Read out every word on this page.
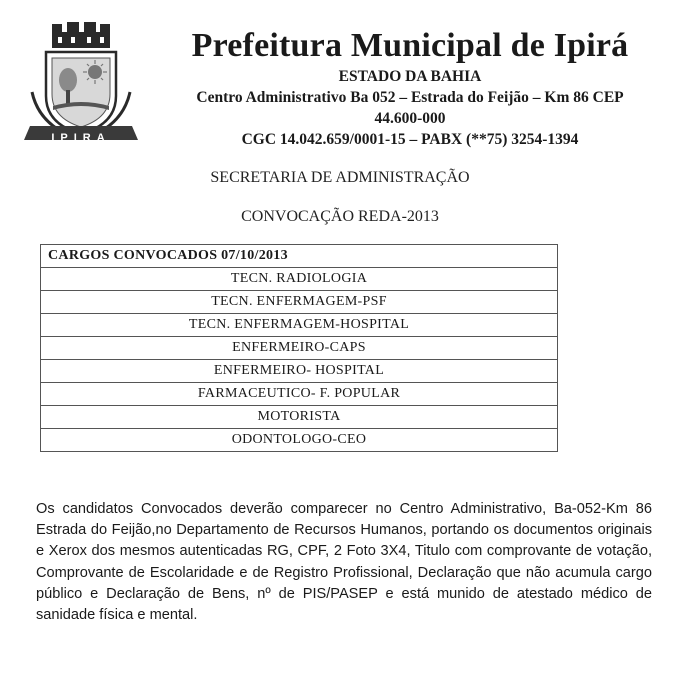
IPIRA

Prefeitura Municipal de Ipirá

ESTADO DA BAHIA

Centro Administrativo Ba 052 – Estrada do Feijão – Km 86 CEP

44.600-000

CGC 14.042.659/0001-15 – PABX (**75) 3254-1394

SECRETARIA DE ADMINISTRAÇÃO
CONVOCAÇÃO REDA-2013
CARGOS CONVOCADOS 07/10/2013
TECN. RADIOLOGIA
TECN. ENFERMAGEM-PSF
TECN. ENFERMAGEM-HOSPITAL
ENFERMEIRO-CAPS
ENFERMEIRO- HOSPITAL
FARMACEUTICO- F. POPULAR
MOTORISTA
ODONTOLOGO-CEO

Os candidatos Convocados deverão comparecer no Centro Administrativo, Ba-052-Km 86 Estrada do Feijão,no Departamento de Recursos Humanos, portando os documentos originais e Xerox dos mesmos autenticadas RG, CPF, 2 Foto 3X4, Titulo com comprovante de votação, Comprovante de Escolaridade e de Registro Profissional, Declaração que não acumula cargo público e Declaração de Bens, nº de PIS/PASEP e está munido de atestado médico de sanidade física e mental.
